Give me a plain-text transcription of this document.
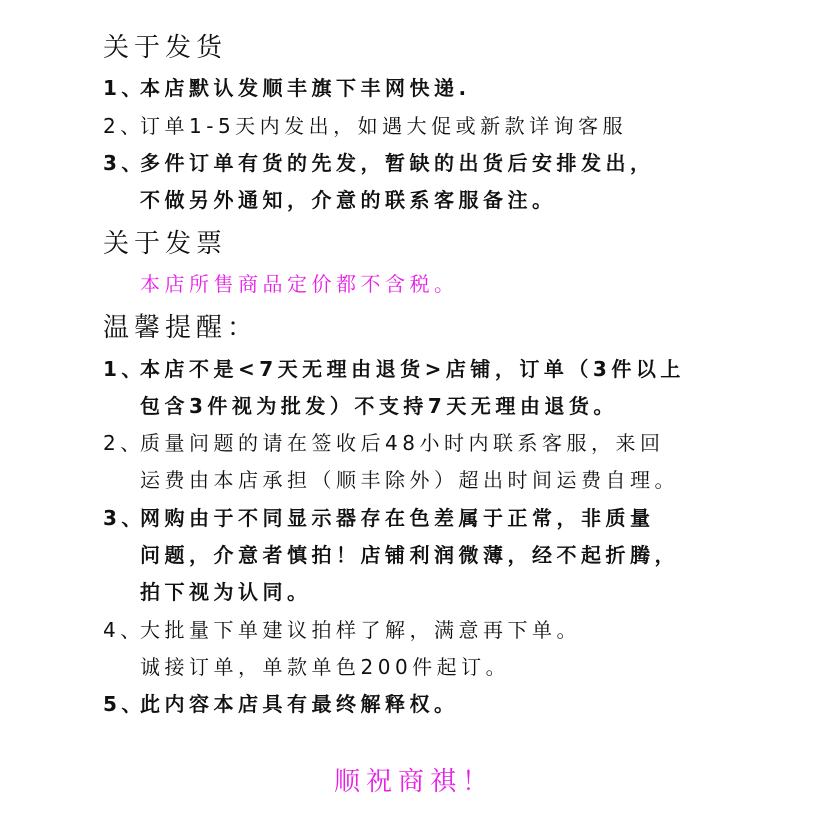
关于发货
1、本店默认发顺丰旗下丰网快递.
2、订单1-5天内发出，如遇大促或新款详询客服
3、多件订单有货的先发，暂缺的出货后安排发出，
不做另外通知，介意的联系客服备注。
关于发票
本店所售商品定价都不含税。
温馨提醒：
1、本店不是<7天无理由退货>店铺，订单（3件以上
包含3件视为批发）不支持7天无理由退货。
2、质量问题的请在签收后48小时内联系客服，来回
运费由本店承担（顺丰除外）超出时间运费自理。
3、网购由于不同显示器存在色差属于正常，非质量
问题，介意者慎拍！店铺利润微薄，经不起折腾，
拍下视为认同。
4、大批量下单建议拍样了解，满意再下单。
诚接订单，单款单色200件起订。
5、此内容本店具有最终解释权。
顺祝商祺！
